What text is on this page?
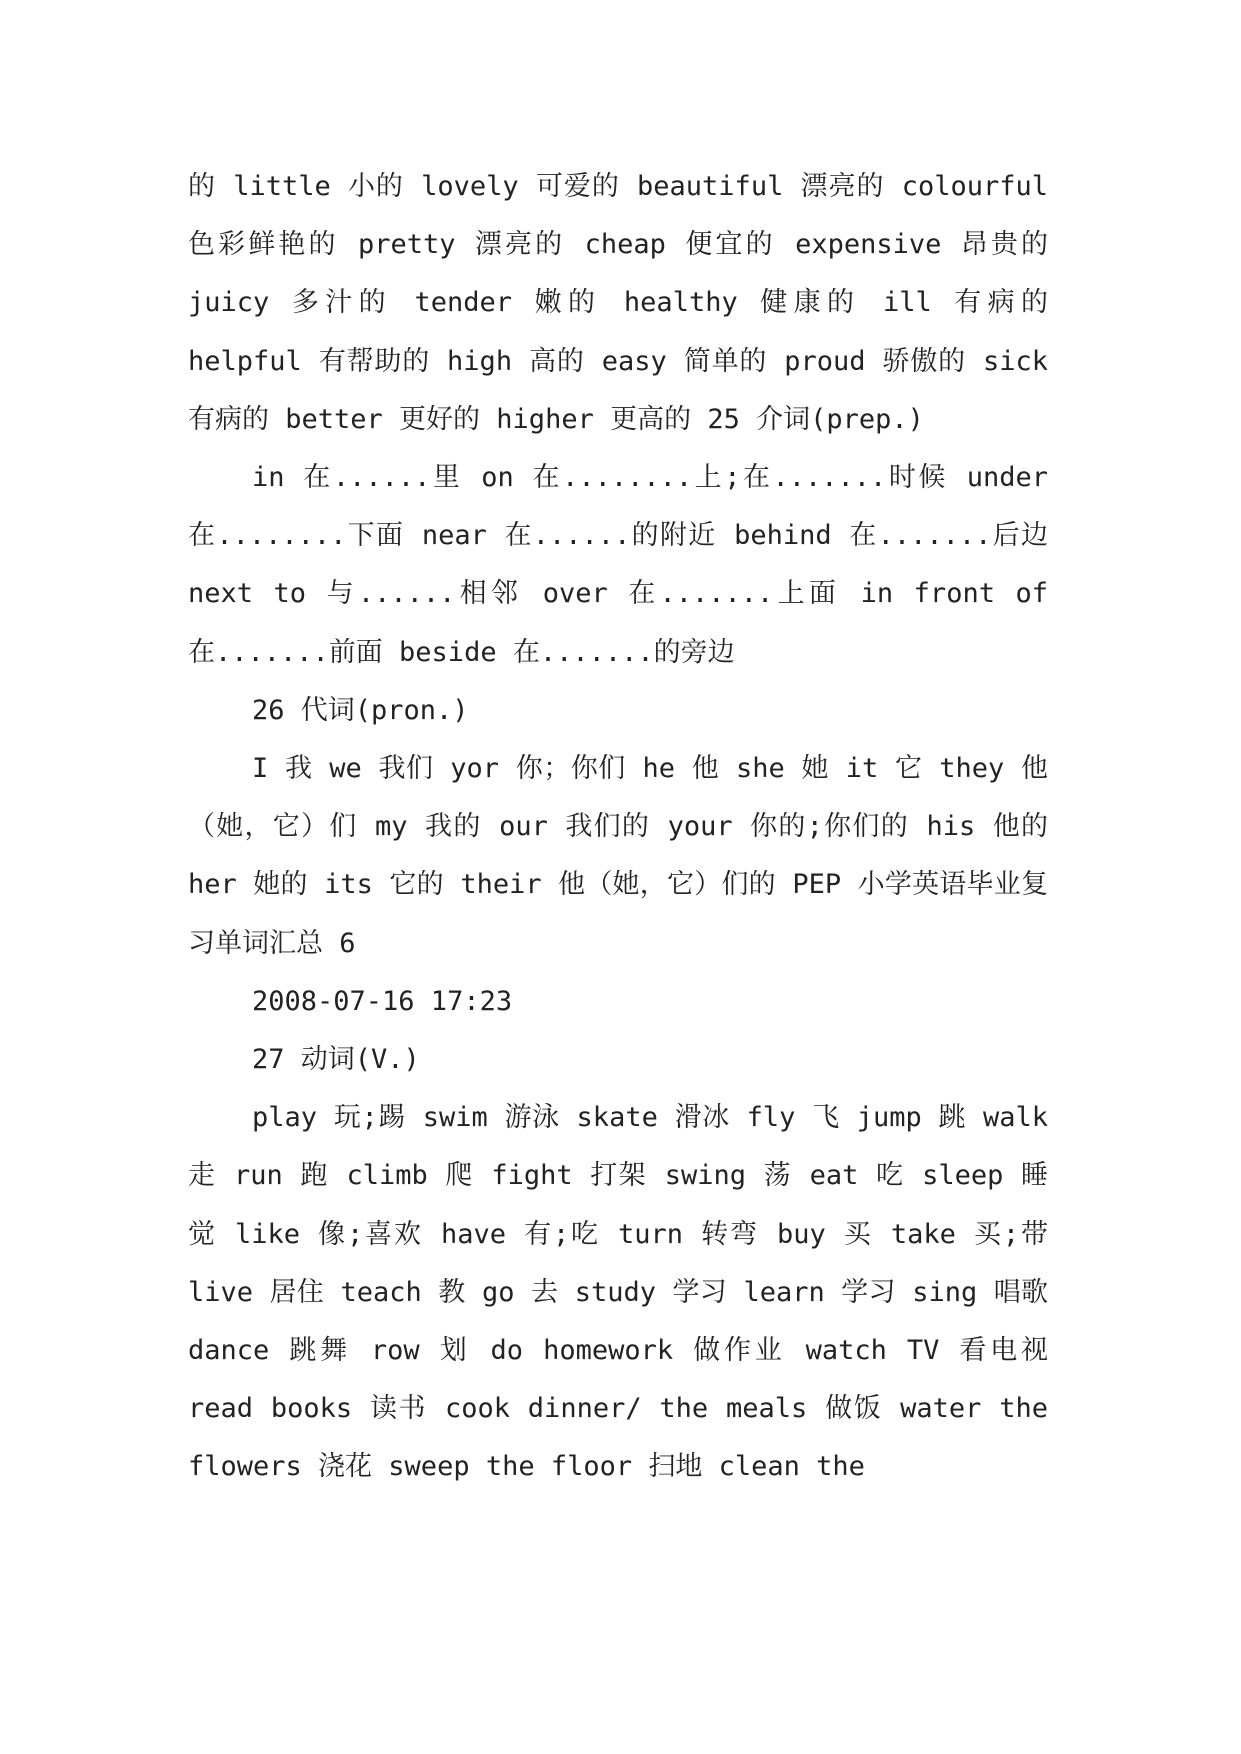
的 little 小的 lovely 可爱的 beautiful 漂亮的 colourful 色彩鲜艳的 pretty 漂亮的 cheap 便宜的 expensive 昂贵的 juicy 多汁的 tender 嫩的 healthy 健康的 ill 有病的 helpful 有帮助的 high 高的 easy 简单的 proud 骄傲的 sick 有病的 better 更好的 higher 更高的 25 介词(prep.)

in 在......里 on 在........上;在.......时候 under 在........下面 near 在......的附近 behind 在.......后边 next to 与......相邻 over 在.......上面 in front of 在.......前面 beside 在.......的旁边

26 代词(pron.)

I 我 we 我们 yor 你；你们 he 他 she 她 it 它 they 他（她，它）们 my 我的 our 我们的 your 你的;你们的 his 他的 her 她的 its 它的 their 他（她，它）们的 PEP 小学英语毕业复习单词汇总 6

2008-07-16 17:23

27 动词(V.)

play 玩;踢 swim 游泳 skate 滑冰 fly 飞 jump 跳 walk 走 run 跑 climb 爬 fight 打架 swing 荡 eat 吃 sleep 睡觉 like 像;喜欢 have 有;吃 turn 转弯 buy 买 take 买;带 live 居住 teach 教 go 去 study 学习 learn 学习 sing 唱歌 dance 跳舞 row 划 do homework 做作业 watch TV 看电视 read books 读书 cook dinner/ the meals 做饭 water the flowers 浇花 sweep the floor 扫地 clean the
